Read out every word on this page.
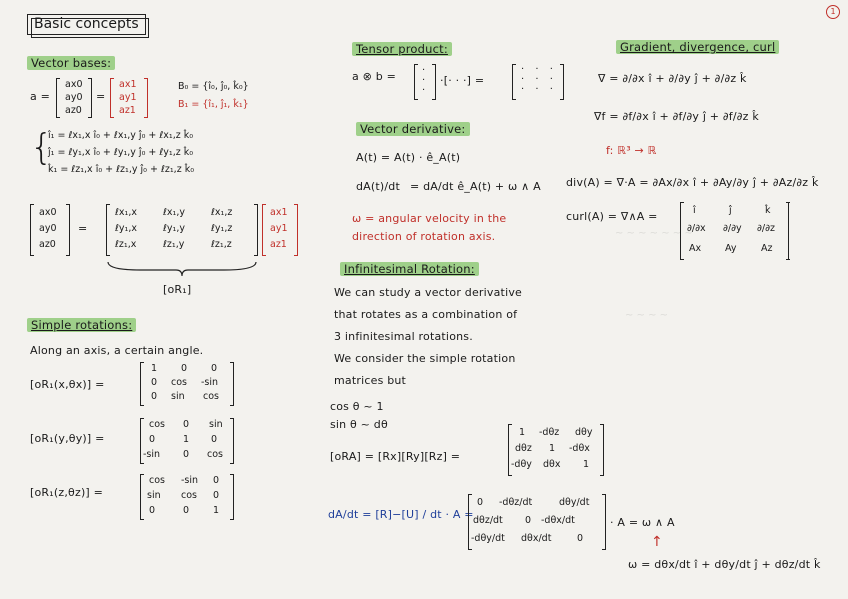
1
Basic concepts
~ ~ ~ ~ ~ ~ ~
~ ~ ~ ~
Vector bases:
a =
ax0
ay0
az0
=
ax1
ay1
az1
B₀ = {î₀, ĵ₀, k̂₀}
B₁ = {î₁, ĵ₁, k̂₁}
{
î₁ = ℓx₁,x î₀ + ℓx₁,y ĵ₀ + ℓx₁,z k̂₀
ĵ₁ = ℓy₁,x î₀ + ℓy₁,y ĵ₀ + ℓy₁,z k̂₀
k̂₁ = ℓz₁,x î₀ + ℓz₁,y ĵ₀ + ℓz₁,z k̂₀
ax0
ay0
az0
=
ℓx₁,x	ℓx₁,y	ℓx₁,z
ℓy₁,x	ℓy₁,y	ℓy₁,z
ℓz₁,x	ℓz₁,y	ℓz₁,z
ax1
ay1
az1
[oR₁]
Simple rotations:
Along an axis, a certain angle.
[oR₁(x,θx)] =
1	0	0
0 cos -sin
0 sin cos
[oR₁(y,θy)] =
cos 0 sin
0	1 0
-sin 0 cos
[oR₁(z,θz)] =
cos -sin 0
sin cos 0
0	0	1
Tensor product:
a ⊗ b =	·
·
·
·[· · ·] =
· · ·
· · ·
· · ·
Vector derivative:
A(t) = A(t) · ê_A(t)
dA(t)/dt = dA/dt ê_A(t) + ω ∧ A
ω = angular velocity in the
direction of rotation axis.
Infinitesimal Rotation:
We can study a vector derivative
that rotates as a combination of
3 infinitesimal rotations.
We consider the simple rotation
matrices but
cos θ ~ 1
sin θ ~ dθ
[oRA] = [Rx][Ry][Rz] =
1 -dθz dθy
dθz 1 -dθx
-dθy dθx 1
dA/dt = [R]−[U] / dt · A =
0 -dθz/dt	dθy/dt
dθz/dt 0 -dθx/dt
-dθy/dt dθx/dt	0
· A = ω ∧ A
↑
ω = dθx/dt î + dθy/dt ĵ + dθz/dt k̂
Gradient, divergence, curl
∇ = ∂/∂x î + ∂/∂y ĵ + ∂/∂z k̂
∇f = ∂f/∂x î + ∂f/∂y ĵ + ∂f/∂z k̂
f: ℝ³ → ℝ
div(A) = ∇·A = ∂Ax/∂x î + ∂Ay/∂y ĵ + ∂Az/∂z k̂
curl(A) = ∇∧A =	î	ĵ	k̂
∂/∂x ∂/∂y ∂/∂z
Ax	Ay	Az
